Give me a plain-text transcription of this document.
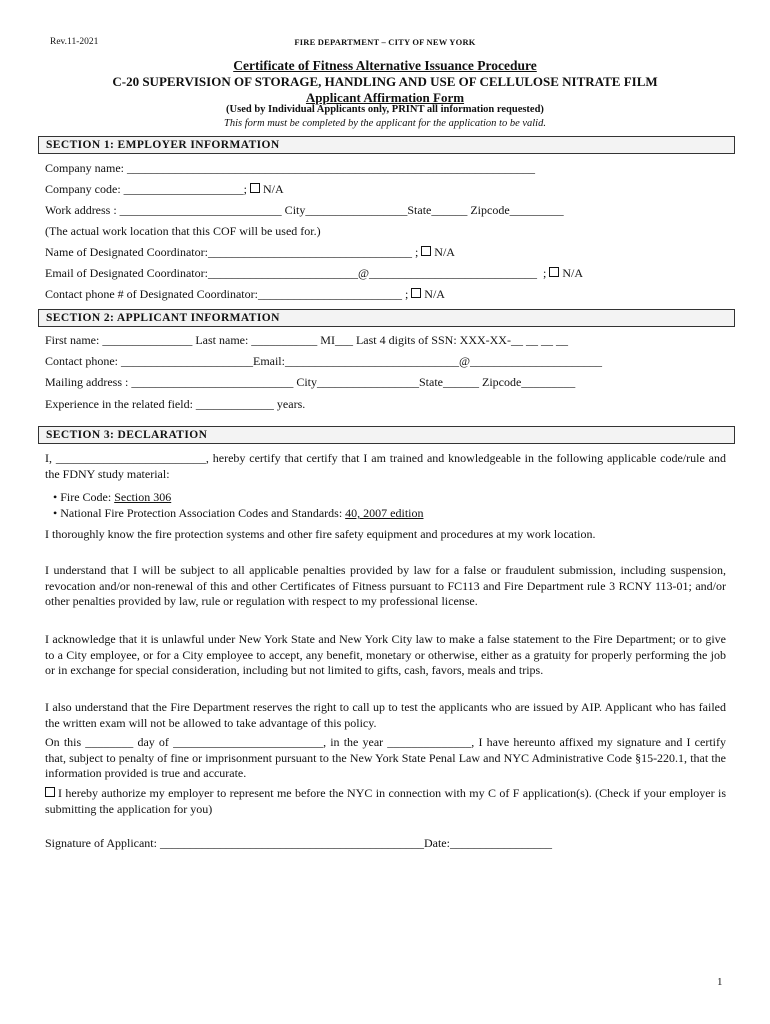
Rev.11-2021	FIRE DEPARTMENT – CITY OF NEW YORK
Certificate of Fitness Alternative Issuance Procedure
C-20 SUPERVISION OF STORAGE, HANDLING AND USE OF CELLULOSE NITRATE FILM
Applicant Affirmation Form
(Used by Individual Applicants only, PRINT all information requested)
This form must be completed by the applicant for the application to be valid.
SECTION 1: EMPLOYER INFORMATION
Company name: ____________________________________________________________________
Company code: ____________________; N/A
Work address : ___________________________ City_________________State______ Zipcode_________
(The actual work location that this COF will be used for.)
Name of Designated Coordinator:__________________________________ ; N/A
Email of Designated Coordinator:_________________________@____________________________  ; N/A
Contact phone # of Designated Coordinator:________________________ ; N/A
SECTION 2: APPLICANT INFORMATION
First name: _______________ Last name: ___________ MI___ Last 4 digits of SSN: XXX-XX-__ __ __ __
Contact phone: ______________________Email:_____________________________@______________________
Mailing address : ___________________________ City_________________State______ Zipcode_________
Experience in the related field: _____________ years.
SECTION 3: DECLARATION
I, _________________________, hereby certify that certify that I am trained and knowledgeable in the following applicable code/rule and the FDNY study material:
• Fire Code: Section 306
• National Fire Protection Association Codes and Standards: 40, 2007 edition
I thoroughly know the fire protection systems and other fire safety equipment and procedures at my work location.
I understand that I will be subject to all applicable penalties provided by law for a false or fraudulent submission, including suspension, revocation and/or non-renewal of this and other Certificates of Fitness pursuant to FC113 and Fire Department rule 3 RCNY 113-01; and/or other penalties provided by law, rule or regulation with respect to my professional license.
I acknowledge that it is unlawful under New York State and New York City law to make a false statement to the Fire Department; or to give to a City employee, or for a City employee to accept, any benefit, monetary or otherwise, either as a gratuity for properly performing the job or in exchange for special consideration, including but not limited to gifts, cash, favors, meals and trips.
I also understand that the Fire Department reserves the right to call up to test the applicants who are issued by AIP. Applicant who has failed the written exam will not be allowed to take advantage of this policy.
On this ________ day of _________________________, in the year ______________, I have hereunto affixed my signature and I certify that, subject to penalty of fine or imprisonment pursuant to the New York State Penal Law and NYC Administrative Code §15-220.1, that the information provided is true and accurate.
I hereby authorize my employer to represent me before the NYC in connection with my C of F application(s). (Check if your employer is submitting the application for you)
Signature of Applicant: ____________________________________________Date:_________________
1
